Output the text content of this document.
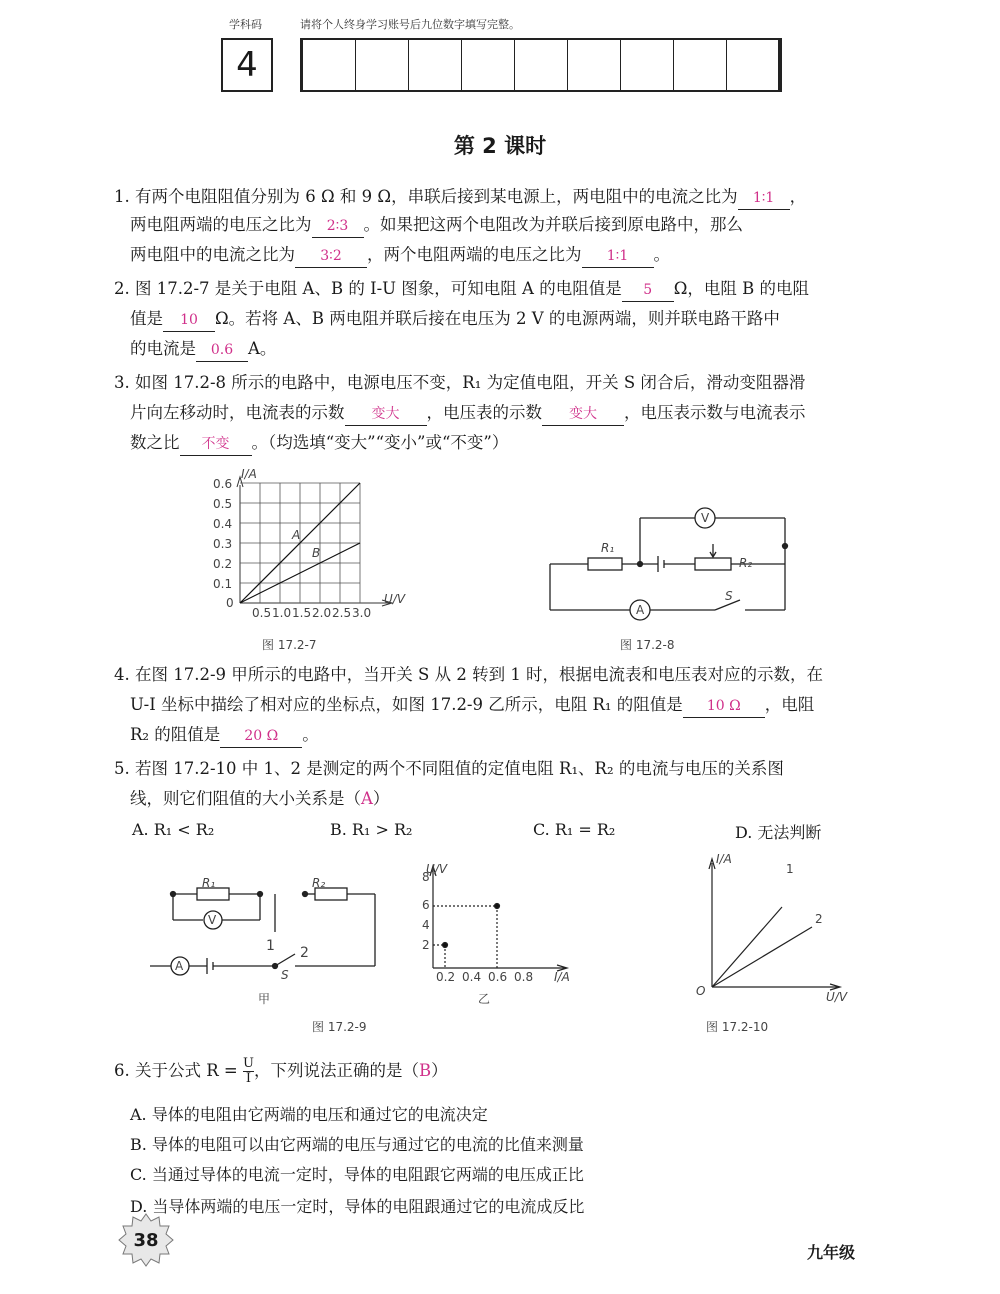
学科码	请将个人终身学习账号后九位数字填写完整。
4
第 2 课时
1. 有两个电阻阻值分别为 6 Ω 和 9 Ω，串联后接到某电源上，两电阻中的电流之比为 1∶1 ，
两电阻两端的电压之比为 2∶3 。如果把这两个电阻改为并联后接到原电路中，那么
两电阻中的电流之比为 3∶2 ，两个电阻两端的电压之比为 1∶1 。
2. 图 17.2-7 是关于电阻 A、B 的 I-U 图象，可知电阻 A 的电阻值是 5 Ω，电阻 B 的电阻
值是 10 Ω。若将 A、B 两电阻并联后接在电压为 2 V 的电源两端，则并联电路干路中
的电流是 0.6 A。
3. 如图 17.2-8 所示的电路中，电源电压不变，R₁ 为定值电阻，开关 S 闭合后，滑动变阻器滑
片向左移动时，电流表的示数 变大 ，电压表的示数 变大 ，电压表示数与电流表示
数之比 不变 。（均选填“变大”“变小”或“不变”）
I/A
U/V
0
0.6
0.5
0.4
0.3
0.2
0.1
0.5 1.0 1.5 2.0 2.5 3.0
A
B
图 17.2-7
R₁
R₂
A
V
S
图 17.2-8
4. 在图 17.2-9 甲所示的电路中，当开关 S 从 2 转到 1 时，根据电流表和电压表对应的示数，在
U-I 坐标中描绘了相对应的坐标点，如图 17.2-9 乙所示，电阻 R₁ 的阻值是 10 Ω ，电阻
R₂ 的阻值是 20 Ω 。
5. 若图 17.2-10 中 1、2 是测定的两个不同阻值的定值电阻 R₁、R₂ 的电流与电压的关系图
线，则它们阻值的大小关系是（A）
A. R₁ < R₂	B. R₁ > R₂	C. R₁ = R₂	D. 无法判断
R₁	R₂
V
A
S
1 2
甲
U/V
I/A
8
6
4
2
0.2 0.4 0.6 0.8
乙
图 17.2-9
I/A
U/V
O
1
2
图 17.2-10
6. 关于公式 $R = \frac{U}{I}$ ，下列说法正确的是（B）
A. 导体的电阻由它两端的电压和通过它的电流决定
B. 导体的电阻可以由它两端的电压与通过它的电流的比值来测量
C. 当通过导体的电流一定时，导体的电阻跟它两端的电压成正比
D. 当导体两端的电压一定时，导体的电阻跟通过它的电流成反比
38
九年级
